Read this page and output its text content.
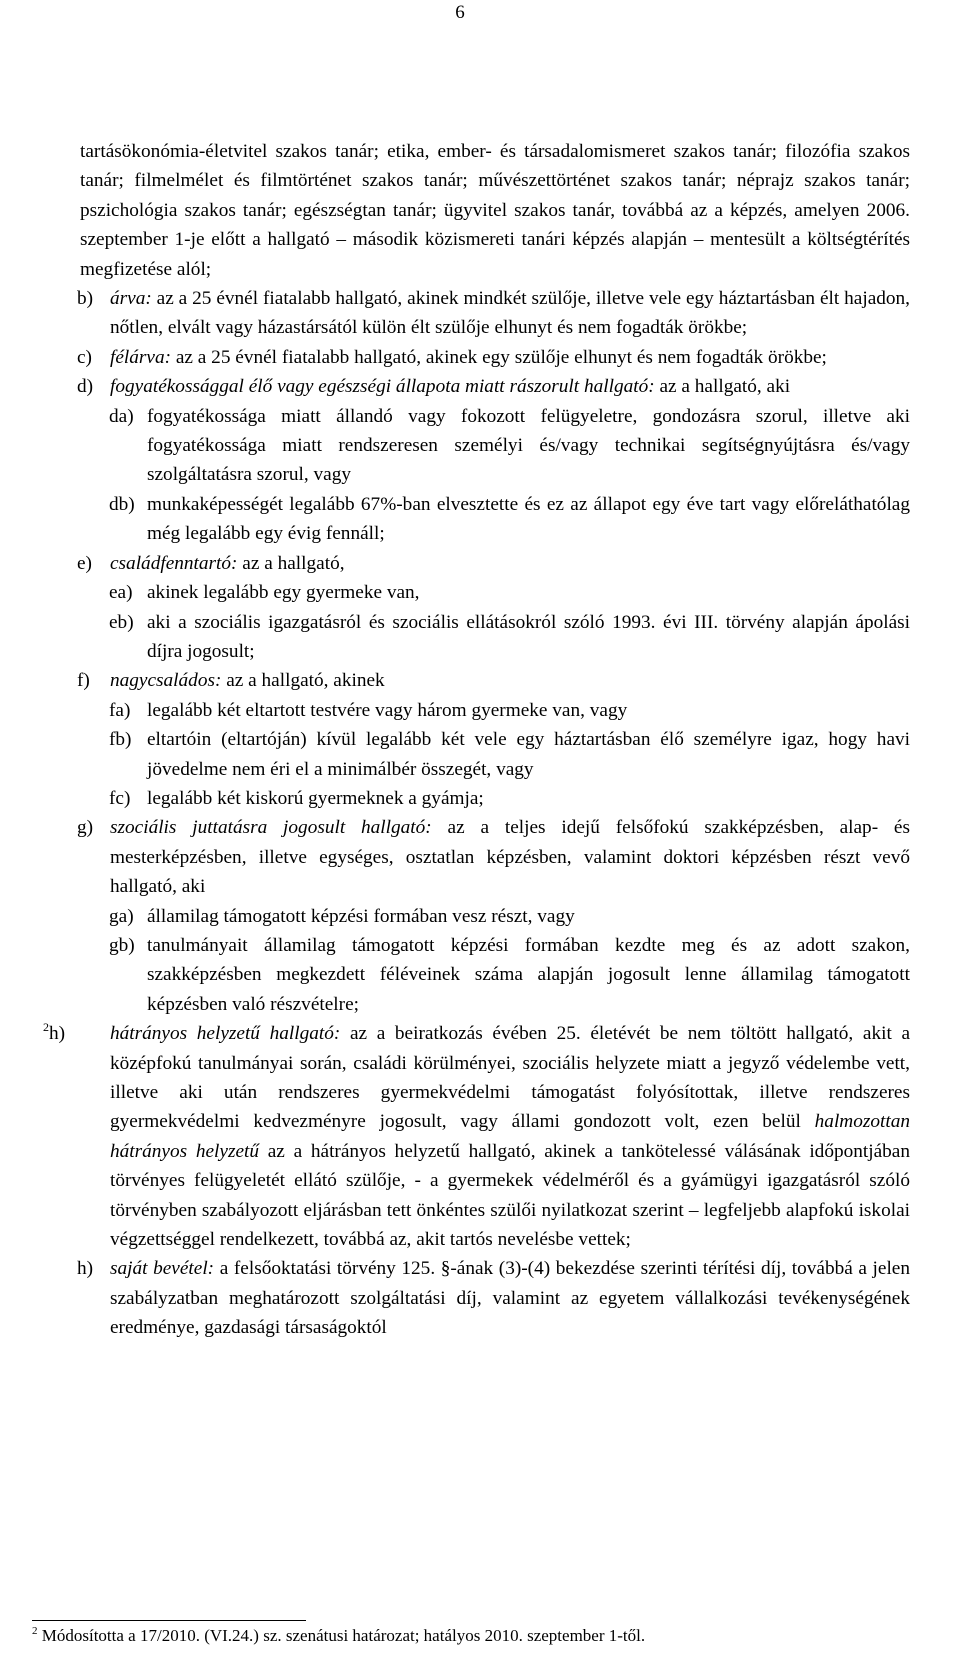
6

tartásökonómia-életvitel szakos tanár; etika, ember- és társadalomismeret szakos tanár; filozófia szakos tanár; filmelmélet és filmtörténet szakos tanár; művészettörténet szakos tanár; néprajz szakos tanár; pszichológia szakos tanár; egészségtan tanár; ügyvitel szakos tanár, továbbá az a képzés, amelyen 2006. szeptember 1-je előtt a hallgató – második közismereti tanári képzés alapján – mentesült a költségtérítés megfizetése alól;

b) árva: az a 25 évnél fiatalabb hallgató, akinek mindkét szülője, illetve vele egy háztartásban élt hajadon, nőtlen, elvált vagy házastársától külön élt szülője elhunyt és nem fogadták örökbe;
c) félárva: az a 25 évnél fiatalabb hallgató, akinek egy szülője elhunyt és nem fogadták örökbe;
d) fogyatékossággal élő vagy egészségi állapota miatt rászorult hallgató: az a hallgató, aki
da) fogyatékossága miatt állandó vagy fokozott felügyeletre, gondozásra szorul, illetve aki fogyatékossága miatt rendszeresen személyi és/vagy technikai segítségnyújtásra és/vagy szolgáltatásra szorul, vagy
db) munkaképességét legalább 67%-ban elvesztette és ez az állapot egy éve tart vagy előreláthatólag még legalább egy évig fennáll;
e) családfenntartó: az a hallgató,
ea) akinek legalább egy gyermeke van,
eb) aki a szociális igazgatásról és szociális ellátásokról szóló 1993. évi III. törvény alapján ápolási díjra jogosult;
f) nagycsaládos: az a hallgató, akinek
fa) legalább két eltartott testvére vagy három gyermeke van, vagy
fb) eltartóin (eltartóján) kívül legalább két vele egy háztartásban élő személyre igaz, hogy havi jövedelme nem éri el a minimálbér összegét, vagy
fc) legalább két kiskorú gyermeknek a gyámja;
g) szociális juttatásra jogosult hallgató: az a teljes idejű felsőfokú szakképzésben, alap- és mesterképzésben, illetve egységes, osztatlan képzésben, valamint doktori képzésben részt vevő hallgató, aki
ga) államilag támogatott képzési formában vesz részt, vagy
gb) tanulmányait államilag támogatott képzési formában kezdte meg és az adott szakon, szakképzésben megkezdett féléveinek száma alapján jogosult lenne államilag támogatott képzésben való részvételre;
$^2$h) hátrányos helyzetű hallgató: az a beiratkozás évében 25. életévét be nem töltött hallgató, akit a középfokú tanulmányai során, családi körülményei, szociális helyzete miatt a jegyző védelembe vett, illetve aki után rendszeres gyermekvédelmi támogatást folyósítottak, illetve rendszeres gyermekvédelmi kedvezményre jogosult, vagy állami gondozott volt, ezen belül halmozottan hátrányos helyzetű az a hátrányos helyzetű hallgató, akinek a tankötelessé válásának időpontjában törvényes felügyeletét ellátó szülője, - a gyermekek védelméről és a gyámügyi igazgatásról szóló törvényben szabályozott eljárásban tett önkéntes szülői nyilatkozat szerint – legfeljebb alapfokú iskolai végzettséggel rendelkezett, továbbá az, akit tartós nevelésbe vettek;
h) saját bevétel: a felsőoktatási törvény 125. §-ának (3)-(4) bekezdése szerinti térítési díj, továbbá a jelen szabályzatban meghatározott szolgáltatási díj, valamint az egyetem vállalkozási tevékenységének eredménye, gazdasági társaságoktól
$^2$ Módosította a 17/2010. (VI.24.) sz. szenátusi határozat; hatályos 2010. szeptember 1-től.
